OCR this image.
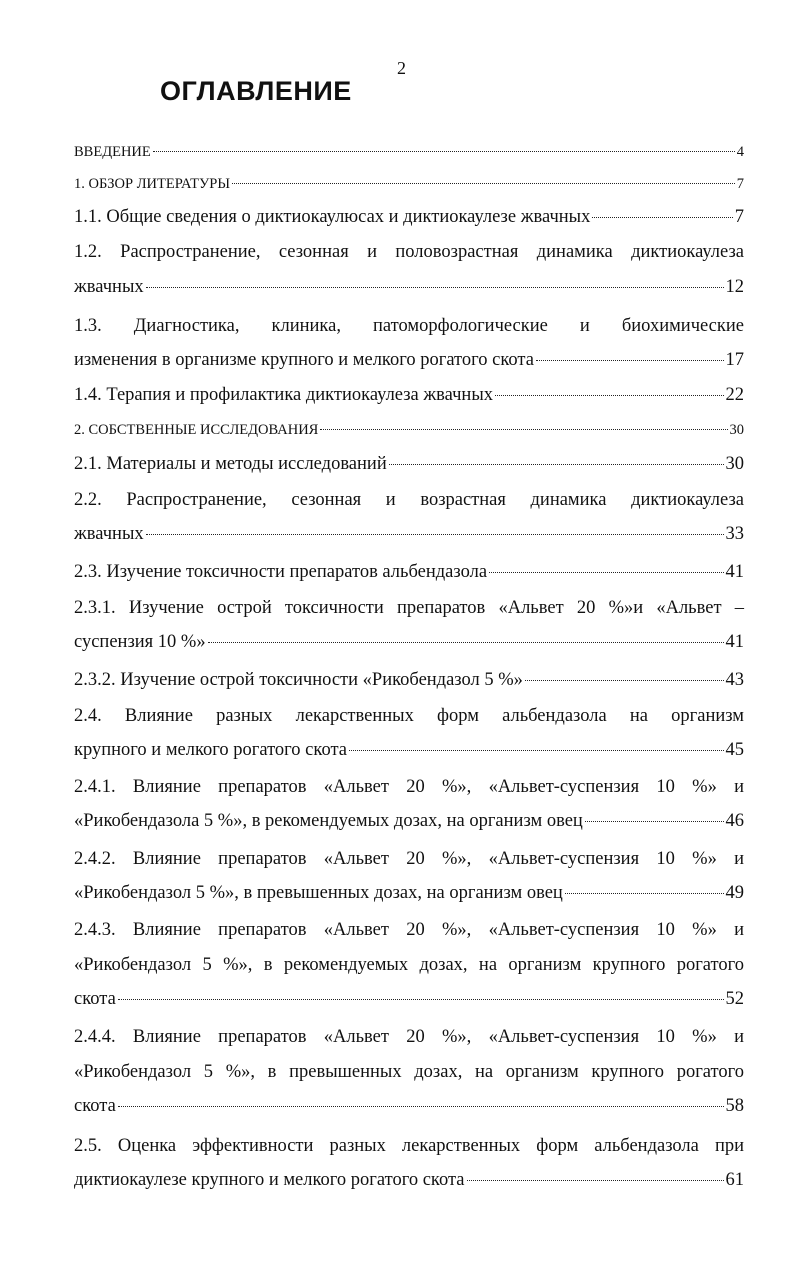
2
ОГЛАВЛЕНИЕ
ВВЕДЕНИЕ	4
1. ОБЗОР ЛИТЕРАТУРЫ	7
1.1. Общие сведения о диктиокаулюсах и диктиокаулезе жвачных	7
1.2. Распространение, сезонная и половозрастная динамика диктиокаулеза
жвачных	12
1.3. Диагностика, клиника, патоморфологические и биохимические
изменения в организме крупного и мелкого рогатого скота	17
1.4. Терапия и профилактика диктиокаулеза жвачных	22
2. СОБСТВЕННЫЕ ИССЛЕДОВАНИЯ	30
2.1. Материалы и методы исследований	30
2.2. Распространение, сезонная и возрастная динамика диктиокаулеза
жвачных	33
2.3. Изучение токсичности препаратов альбендазола	41
2.3.1. Изучение острой токсичности препаратов «Альвет 20 %»и «Альвет –
суспензия 10 %»	41
2.3.2. Изучение острой токсичности «Рикобендазол 5 %»	43
2.4. Влияние разных лекарственных форм альбендазола на организм
крупного и мелкого рогатого скота	45
2.4.1. Влияние препаратов «Альвет 20 %», «Альвет-суспензия 10 %» и
«Рикобендазола 5 %», в рекомендуемых дозах, на организм овец	46
2.4.2. Влияние препаратов «Альвет 20 %», «Альвет-суспензия 10 %» и
«Рикобендазол 5 %», в превышенных дозах, на организм овец	49
2.4.3. Влияние препаратов «Альвет 20 %», «Альвет-суспензия 10 %» и
«Рикобендазол 5 %», в рекомендуемых дозах, на организм крупного рогатого
скота	52
2.4.4. Влияние препаратов «Альвет 20 %», «Альвет-суспензия 10 %» и
«Рикобендазол 5 %», в превышенных дозах, на организм крупного рогатого
скота	58
2.5. Оценка эффективности разных лекарственных форм альбендазола при
диктиокаулезе крупного и мелкого рогатого скота	61
